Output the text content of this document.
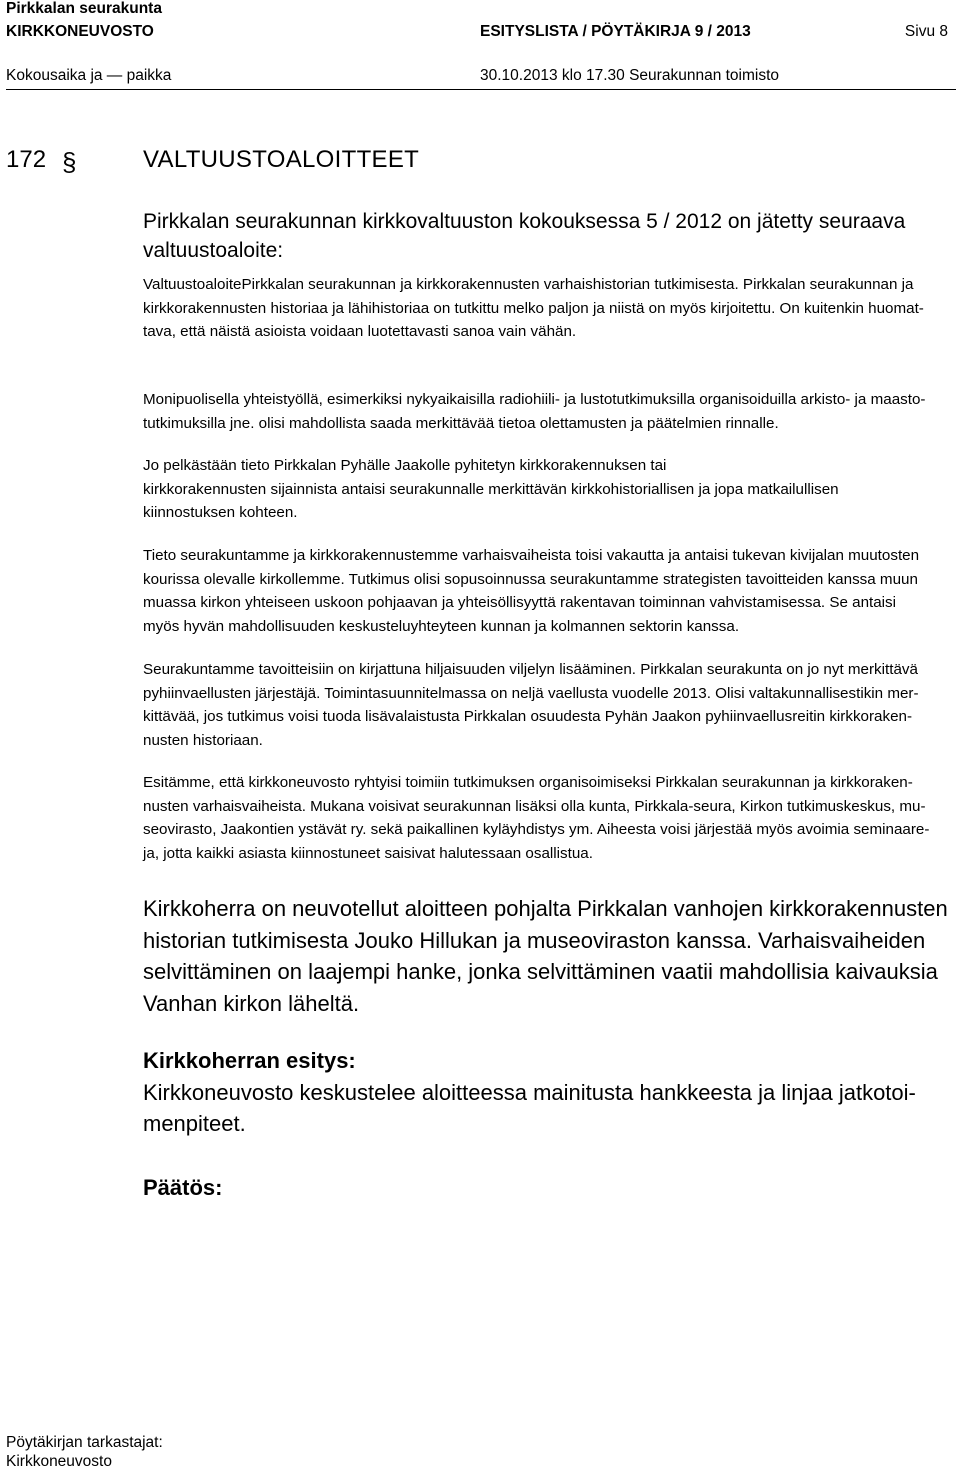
Pirkkalan seurakunta
KIRKKONEUVOSTO	ESITYSLISTA / PÖYTÄKIRJA 9 / 2013	Sivu 8
Kokousaika ja — paikka	30.10.2013 klo 17.30 Seurakunnan toimisto
172 §	VALTUUSTOALOITTEET
Pirkkalan seurakunnan kirkkovaltuuston kokouksessa 5 / 2012 on jätetty seuraava
valtuustoaloite:

ValtuustoaloitePirkkalan seurakunnan ja kirkkorakennusten varhaishistorian tutkimisesta. Pirkkalan seurakunnan ja

kirkkorakennusten historiaa ja lähihistoriaa on tutkittu melko paljon ja niistä on myös kirjoitettu. On kuitenkin huomat-

tava, että näistä asioista voidaan luotettavasti sanoa vain vähän.

Monipuolisella yhteistyöllä, esimerkiksi nykyaikaisilla radiohiili- ja lustotutkimuksilla organisoiduilla arkisto- ja maasto-

tutkimuksilla jne. olisi mahdollista saada merkittävää tietoa olettamusten ja päätelmien rinnalle.

Jo pelkästään tieto Pirkkalan Pyhälle Jaakolle pyhitetyn kirkkorakennuksen tai

kirkkorakennusten sijainnista antaisi seurakunnalle merkittävän kirkkohistoriallisen ja jopa matkailullisen

kiinnostuksen kohteen.

Tieto seurakuntamme ja kirkkorakennustemme varhaisvaiheista toisi vakautta ja antaisi tukevan kivijalan muutosten

kourissa olevalle kirkollemme. Tutkimus olisi sopusoinnussa seurakuntamme strategisten tavoitteiden kanssa muun

muassa kirkon yhteiseen uskoon pohjaavan ja yhteisöllisyyttä rakentavan toiminnan vahvistamisessa. Se antaisi

myös hyvän mahdollisuuden keskusteluyhteyteen kunnan ja kolmannen sektorin kanssa.

Seurakuntamme tavoitteisiin on kirjattuna hiljaisuuden viljelyn lisääminen. Pirkkalan seurakunta on jo nyt merkittävä

pyhiinvaellusten järjestäjä. Toimintasuunnitelmassa on neljä vaellusta vuodelle 2013. Olisi valtakunnallisestikin mer-

kittävää, jos tutkimus voisi tuoda lisävalaistusta Pirkkalan osuudesta Pyhän Jaakon pyhiinvaellusreitin kirkkoraken-

nusten historiaan.

Esitämme, että kirkkoneuvosto ryhtyisi toimiin tutkimuksen organisoimiseksi Pirkkalan seurakunnan ja kirkkoraken-

nusten varhaisvaiheista. Mukana voisivat seurakunnan lisäksi olla kunta, Pirkkala-seura, Kirkon tutkimuskeskus, mu-

seovirasto, Jaakontien ystävät ry. sekä paikallinen kyläyhdistys ym. Aiheesta voisi järjestää myös avoimia seminaare-

ja, jotta kaikki asiasta kiinnostuneet saisivat halutessaan osallistua.

Kirkkoherra on neuvotellut aloitteen pohjalta Pirkkalan vanhojen kirkkorakennusten

historian tutkimisesta Jouko Hillukan ja museoviraston kanssa. Varhaisvaiheiden

selvittäminen on laajempi hanke, jonka selvittäminen vaatii mahdollisia kaivauksia

Vanhan kirkon läheltä.

Kirkkoherran esitys:

Kirkkoneuvosto keskustelee aloitteessa mainitusta hankkeesta ja linjaa jatkotoi-

menpiteet.

Päätös:

Pöytäkirjan tarkastajat:
Kirkkoneuvosto
